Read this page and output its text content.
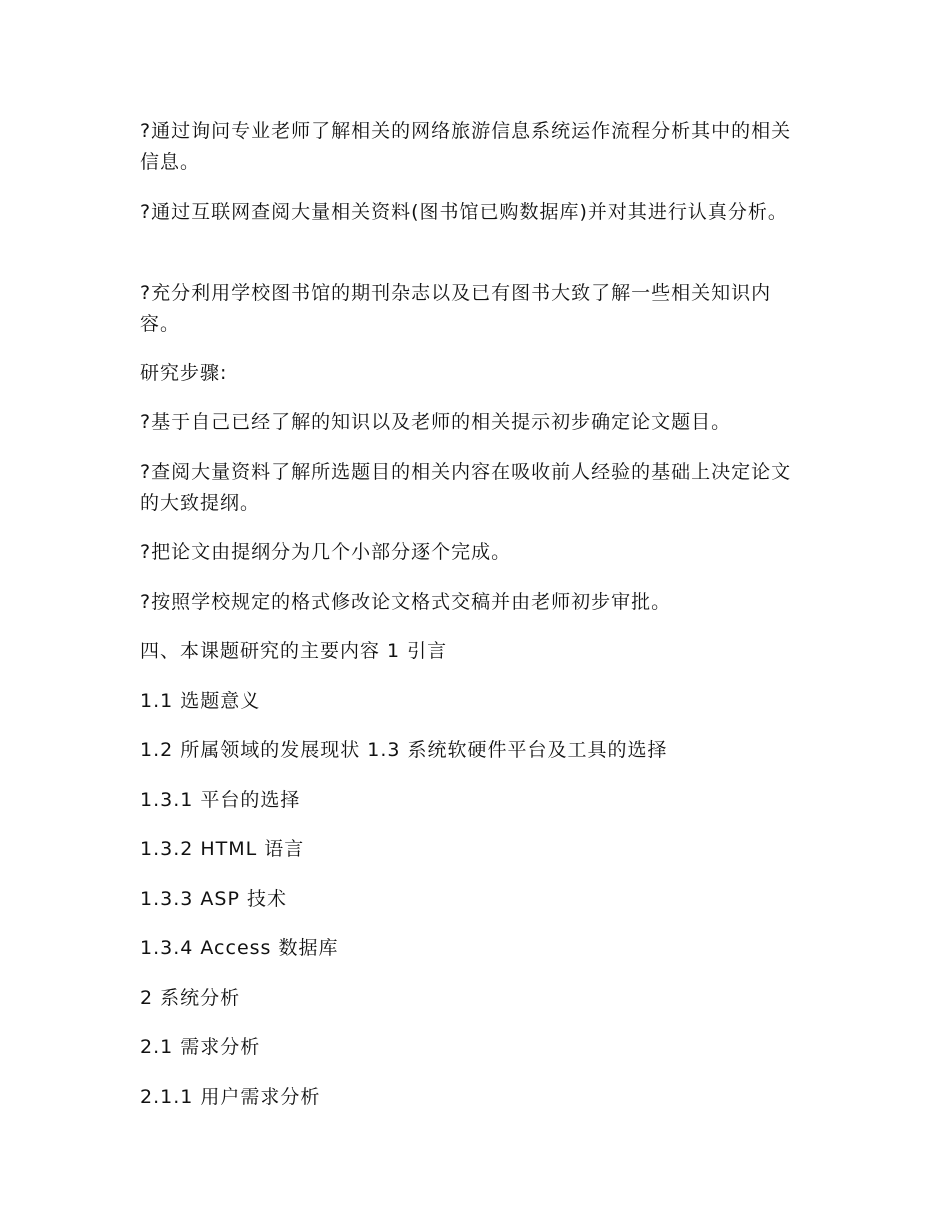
?通过询问专业老师了解相关的网络旅游信息系统运作流程分析其中的相关信息。
?通过互联网查阅大量相关资料(图书馆已购数据库)并对其进行认真分析。
?充分利用学校图书馆的期刊杂志以及已有图书大致了解一些相关知识内容。
研究步骤:
?基于自己已经了解的知识以及老师的相关提示初步确定论文题目。
?查阅大量资料了解所选题目的相关内容在吸收前人经验的基础上决定论文的大致提纲。
?把论文由提纲分为几个小部分逐个完成。
?按照学校规定的格式修改论文格式交稿并由老师初步审批。
四、本课题研究的主要内容 1 引言
1.1 选题意义
1.2 所属领域的发展现状 1.3 系统软硬件平台及工具的选择
1.3.1 平台的选择
1.3.2 HTML 语言
1.3.3 ASP 技术
1.3.4 Access 数据库
2 系统分析
2.1 需求分析
2.1.1 用户需求分析
